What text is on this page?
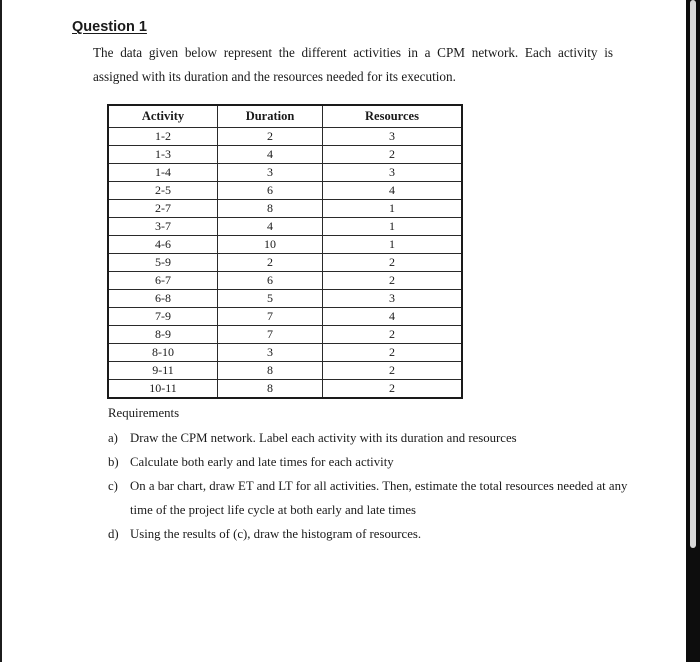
Question 1
The data given below represent the different activities in a CPM network. Each activity is assigned with its duration and the resources needed for its execution.
Activity	Duration	Resources
1-2	2	3
1-3	4	2
1-4	3	3
2-5	6	4
2-7	8	1
3-7	4	1
4-6	10	1
5-9	2	2
6-7	6	2
6-8	5	3
7-9	7	4
8-9	7	2
8-10	3	2
9-11	8	2
10-11	8	2
Requirements
a) Draw the CPM network. Label each activity with its duration and resources
b) Calculate both early and late times for each activity
c) On a bar chart, draw ET and LT for all activities. Then, estimate the total resources needed at any time of the project life cycle at both early and late times
d) Using the results of (c), draw the histogram of resources.
